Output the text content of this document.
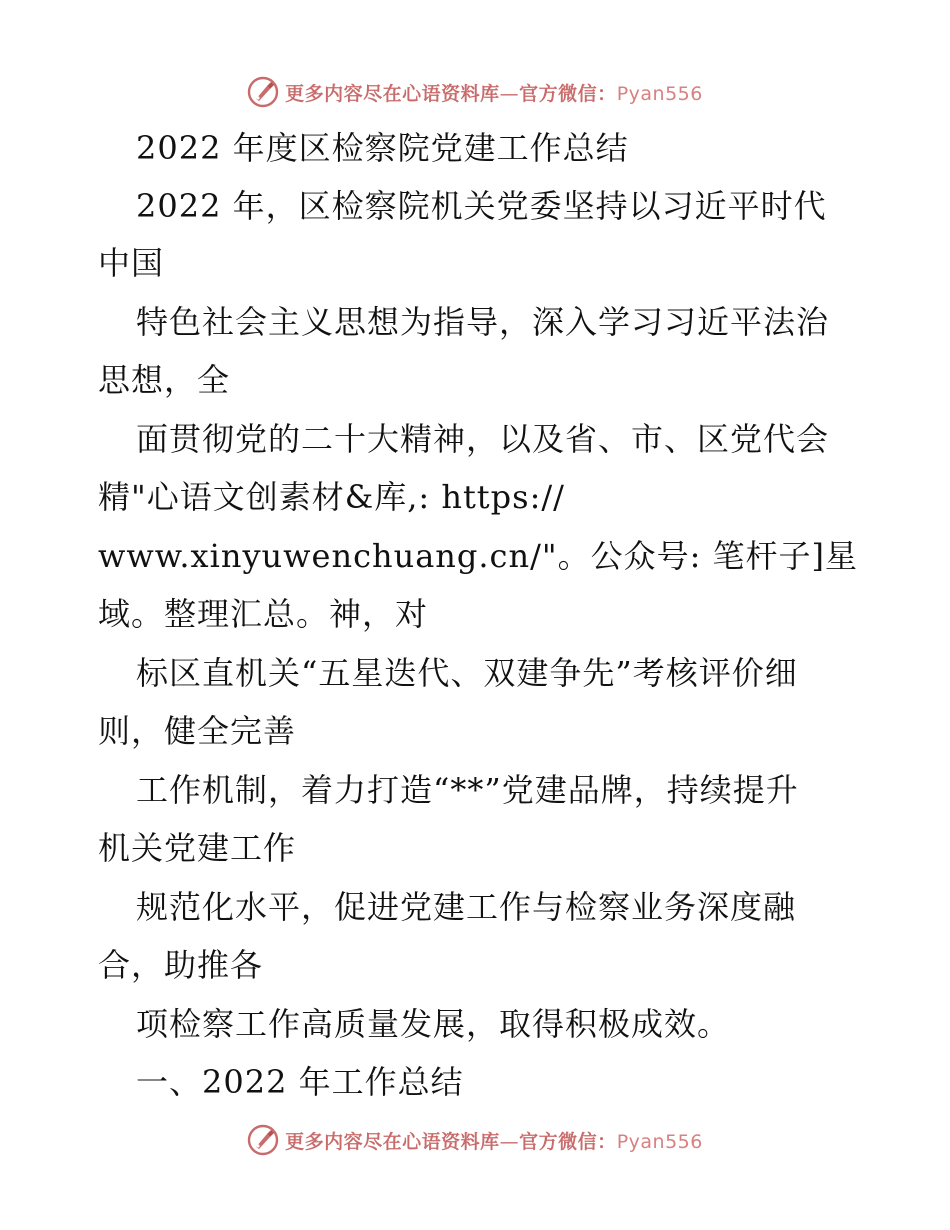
更多内容尽在心语资料库—官方微信：Pyan556
2022 年度区检察院党建工作总结
2022 年，区检察院机关党委坚持以习近平时代
中国
特色社会主义思想为指导，深入学习习近平法治
思想，全
面贯彻党的二十大精神，以及省、市、区党代会
精"心语文创素材&库,: https://
www.xinyuwenchuang.cn/"。公众号: 笔杆子]星
域。整理汇总。神，对
标区直机关“五星迭代、双建争先”考核评价细
则，健全完善
工作机制，着力打造“**”党建品牌，持续提升
机关党建工作
规范化水平，促进党建工作与检察业务深度融
合，助推各
项检察工作高质量发展，取得积极成效。
一、2022 年工作总结
更多内容尽在心语资料库—官方微信：Pyan556
